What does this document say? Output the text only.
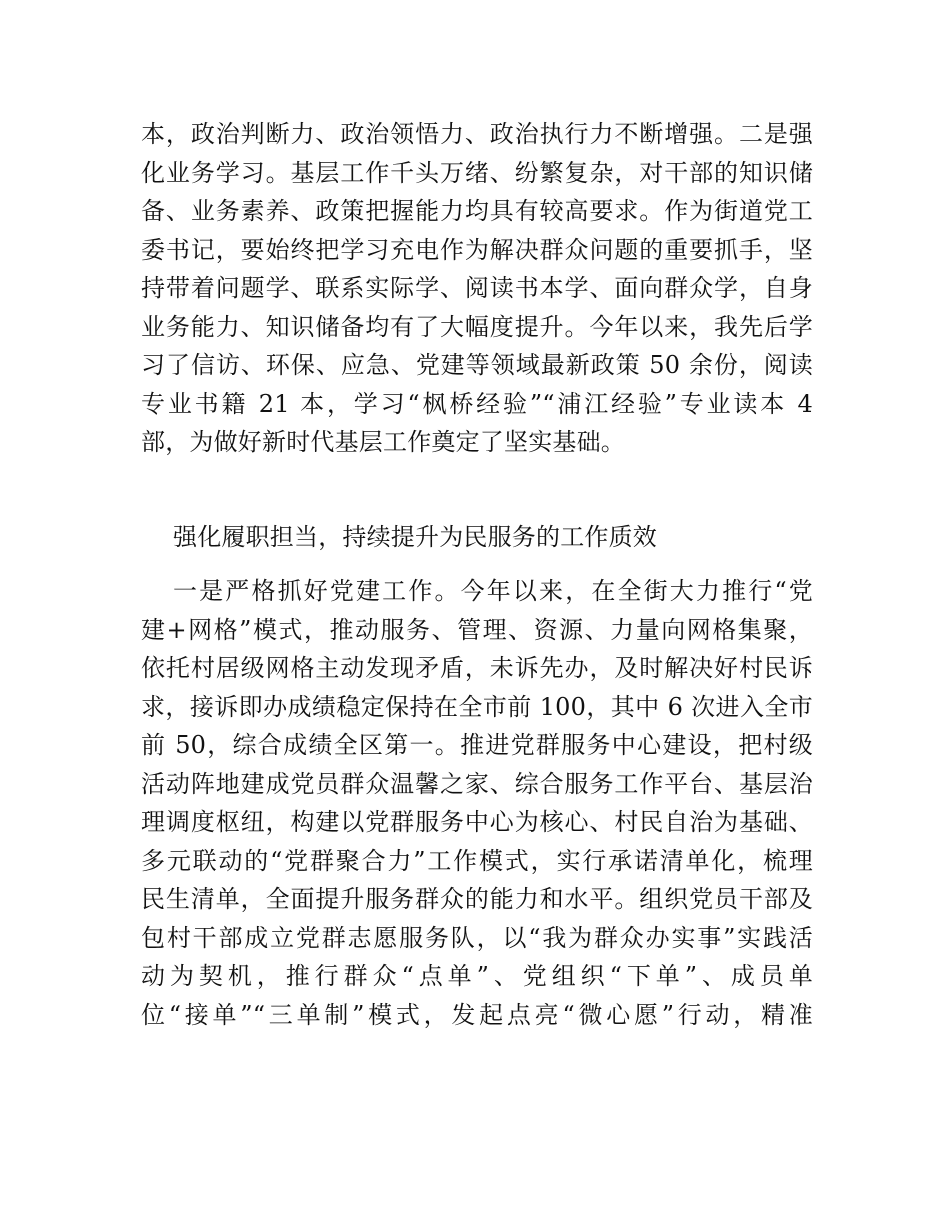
本，政治判断力、政治领悟力、政治执行力不断增强。二是强
化业务学习。基层工作千头万绪、纷繁复杂，对干部的知识储
备、业务素养、政策把握能力均具有较高要求。作为街道党工
委书记，要始终把学习充电作为解决群众问题的重要抓手，坚
持带着问题学、联系实际学、阅读书本学、面向群众学，自身
业务能力、知识储备均有了大幅度提升。今年以来，我先后学
习了信访、环保、应急、党建等领域最新政策 50 余份，阅读
专业书籍 21 本，学习“枫桥经验”“浦江经验”专业读本 4
部，为做好新时代基层工作奠定了坚实基础。
强化履职担当，持续提升为民服务的工作质效
一是严格抓好党建工作。今年以来，在全街大力推行“党
建+网格”模式，推动服务、管理、资源、力量向网格集聚，
依托村居级网格主动发现矛盾，未诉先办，及时解决好村民诉
求，接诉即办成绩稳定保持在全市前 100，其中 6 次进入全市
前 50，综合成绩全区第一。推进党群服务中心建设，把村级
活动阵地建成党员群众温馨之家、综合服务工作平台、基层治
理调度枢纽，构建以党群服务中心为核心、村民自治为基础、
多元联动的“党群聚合力”工作模式，实行承诺清单化，梳理
民生清单，全面提升服务群众的能力和水平。组织党员干部及
包村干部成立党群志愿服务队，以“我为群众办实事”实践活
动为契机，推行群众“点单”、党组织“下单”、成员单
位“接单”“三单制”模式，发起点亮“微心愿”行动，精准
